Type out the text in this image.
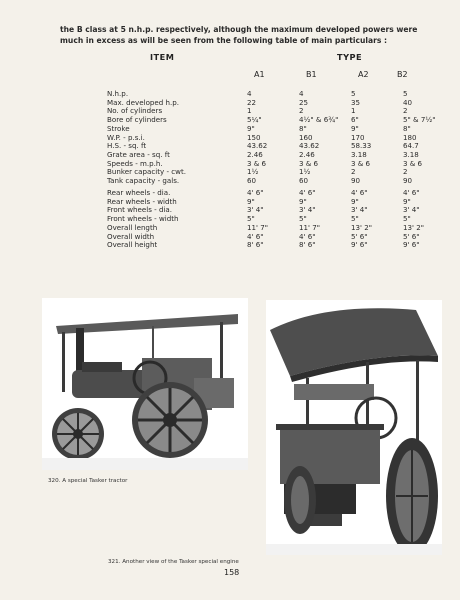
the B class at 5 n.h.p. respectively, although the maximum developed powers were much in excess as will be seen from the following table of main particulars :
ITEM	TYPE
A1	B1	A2	B2
N.h.p.	4	4	5	5
Max. developed h.p.	22	25	35	40
No. of cylinders	1	2	1	2
Bore of cylinders	5¼"	4½" & 6¾"	6"	5" & 7½"
Stroke	9"	8"	9"	8"
W.P. - p.s.i.	150	160	170	180
H.S. - sq. ft	43.62	43.62	58.33	64.7
Grate area - sq. ft	2.46	2.46	3.18	3.18
Speeds - m.p.h.	3 & 6	3 & 6	3 & 6	3 & 6
Bunker capacity - cwt.	1½	1½	2	2
Tank capacity - gals.	60	60	90	90
Rear wheels - dia.	4' 6"	4' 6"	4' 6"	4' 6"
Rear wheels - width	9"	9"	9"	9"
Front wheels - dia.	3' 4"	3' 4"	3' 4"	3' 4"
Front wheels - width	5"	5"	5"	5"
Overall length	11' 7"	11' 7"	13' 2"	13' 2"
Overall width	4' 6"	4' 6"	5' 6"	5' 6"
Overall height	8' 6"	8' 6"	9' 6"	9' 6"
320. A special Tasker tractor
321. Another view of the Tasker special engine
158
